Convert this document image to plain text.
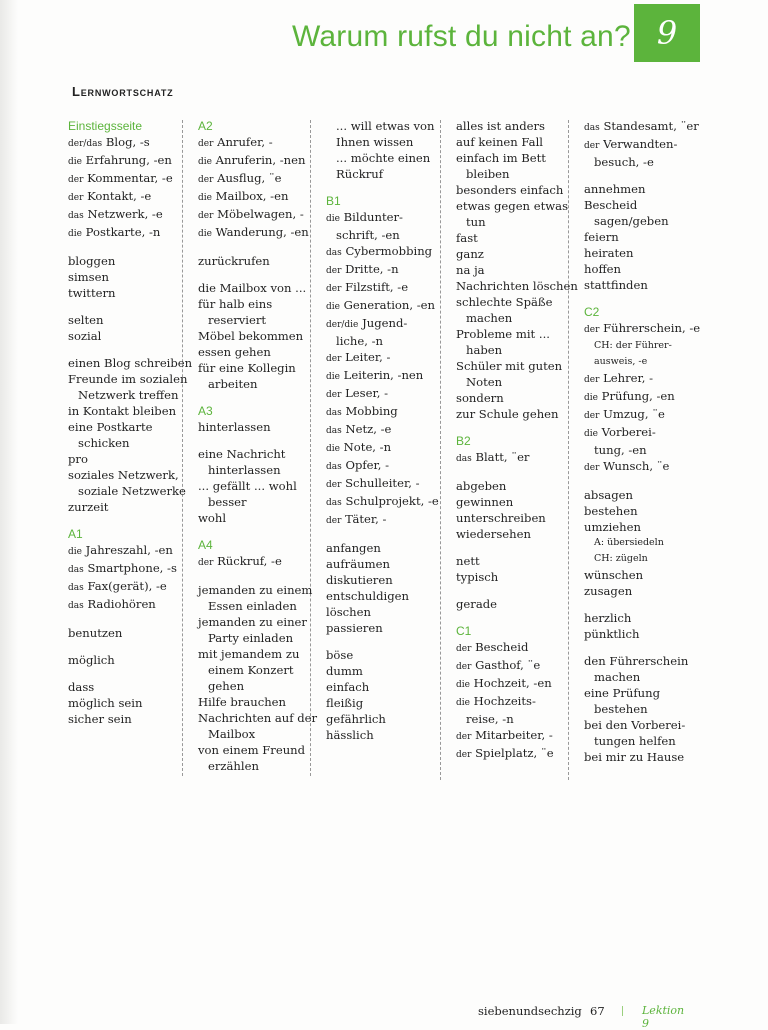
Warum rufst du nicht an? 9
Lernwortschatz
Einstiegsseite
der/das Blog, -s
die Erfahrung, -en
der Kommentar, -e
der Kontakt, -e
das Netzwerk, -e
die Postkarte, -n
bloggen
simsen
twittern
selten
sozial
einen Blog schreiben
Freunde im sozialen
Netzwerk treffen
in Kontakt bleiben
eine Postkarte
schicken
pro
soziales Netzwerk,
soziale Netzwerke
zurzeit
A1
die Jahreszahl, -en
das Smartphone, -s
das Fax(gerät), -e
das Radiohören
benutzen
möglich
dass
möglich sein
sicher sein
A2
der Anrufer, -
die Anruferin, -nen
der Ausflug, ¨e
die Mailbox, -en
der Möbelwagen, -
die Wanderung, -en
zurückrufen
die Mailbox von ...
für halb eins
reserviert
Möbel bekommen
essen gehen
für eine Kollegin
arbeiten
A3
hinterlassen
eine Nachricht
hinterlassen
... gefällt ... wohl
besser
wohl
A4
der Rückruf, -e
jemanden zu einem
Essen einladen
jemanden zu einer
Party einladen
mit jemandem zu
einem Konzert
gehen
Hilfe brauchen
Nachrichten auf der
Mailbox
von einem Freund
erzählen
... will etwas von
Ihnen wissen
... möchte einen
Rückruf
B1
die Bildunter-
schrift, -en
das Cybermobbing
der Dritte, -n
der Filzstift, -e
die Generation, -en
der/die Jugend-
liche, -n
der Leiter, -
die Leiterin, -nen
der Leser, -
das Mobbing
das Netz, -e
die Note, -n
das Opfer, -
der Schulleiter, -
das Schulprojekt, -e
der Täter, -
anfangen
aufräumen
diskutieren
entschuldigen
löschen
passieren
böse
dumm
einfach
fleißig
gefährlich
hässlich
alles ist anders
auf keinen Fall
einfach im Bett
bleiben
besonders einfach
etwas gegen etwas
tun
fast
ganz
na ja
Nachrichten löschen
schlechte Späße
machen
Probleme mit ...
haben
Schüler mit guten
Noten
sondern
zur Schule gehen
B2
das Blatt, ¨er
abgeben
gewinnen
unterschreiben
wiedersehen
nett
typisch
gerade
C1
der Bescheid
der Gasthof, ¨e
die Hochzeit, -en
die Hochzeits-
reise, -n
der Mitarbeiter, -
der Spielplatz, ¨e
das Standesamt, ¨er
der Verwandten-
besuch, -e
annehmen
Bescheid
sagen/geben
feiern
heiraten
hoffen
stattfinden
C2
der Führerschein, -e
CH: der Führer-
ausweis, -e
der Lehrer, -
die Prüfung, -en
der Umzug, ¨e
die Vorberei-
tung, -en
der Wunsch, ¨e
absagen
bestehen
umziehen
A: übersiedeln
CH: zügeln
wünschen
zusagen
herzlich
pünktlich
den Führerschein
machen
eine Prüfung
bestehen
bei den Vorberei-
tungen helfen
bei mir zu Hause
siebenundsechzig 67	Lektion 9
